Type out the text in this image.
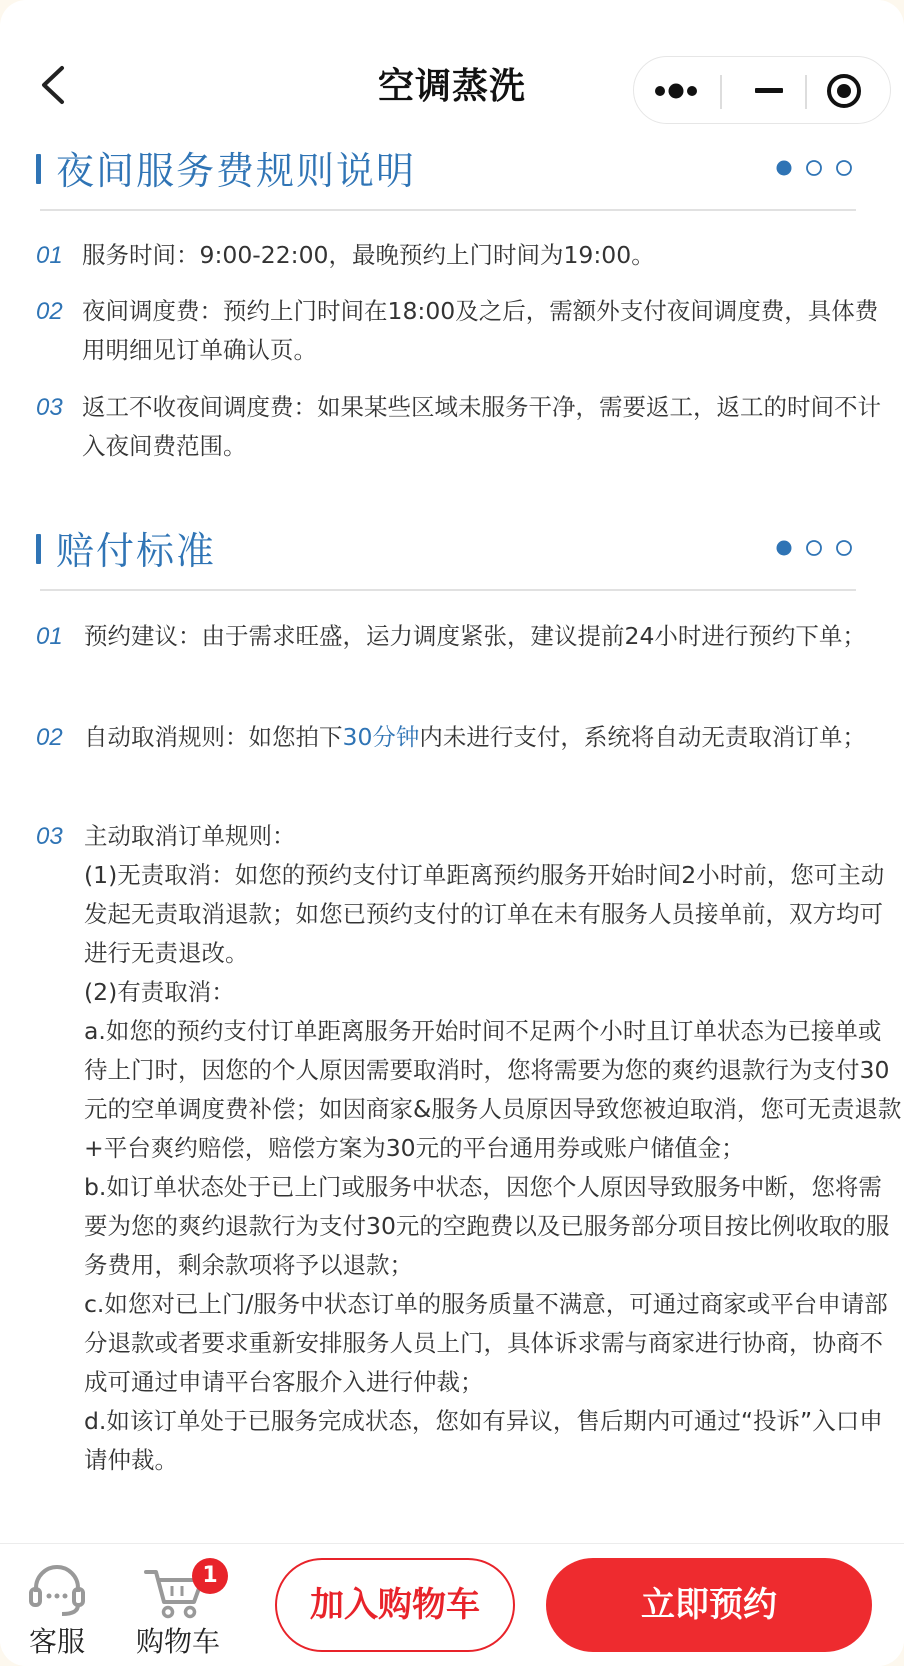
空调蒸洗
夜间服务费规则说明
01 服务时间：9:00-22:00，最晚预约上门时间为19:00。
02 夜间调度费：预约上门时间在18:00及之后，需额外支付夜间调度费，具体费用明细见订单确认页。
03 返工不收夜间调度费：如果某些区域未服务干净，需要返工，返工的时间不计入夜间费范围。
赔付标准
01 预约建议：由于需求旺盛，运力调度紧张，建议提前24小时进行预约下单；
02 自动取消规则：如您拍下30分钟内未进行支付，系统将自动无责取消订单；
03 主动取消订单规则：
(1)无责取消：如您的预约支付订单距离预约服务开始时间2小时前，您可主动发起无责取消退款；如您已预约支付的订单在未有服务人员接单前，双方均可进行无责退改。
(2)有责取消：
a.如您的预约支付订单距离服务开始时间不足两个小时且订单状态为已接单或待上门时，因您的个人原因需要取消时，您将需要为您的爽约退款行为支付30元的空单调度费补偿；如因商家&服务人员原因导致您被迫取消，您可无责退款+平台爽约赔偿，赔偿方案为30元的平台通用券或账户储值金；
b.如订单状态处于已上门或服务中状态，因您个人原因导致服务中断，您将需要为您的爽约退款行为支付30元的空跑费以及已服务部分项目按比例收取的服务费用，剩余款项将予以退款；
c.如您对已上门/服务中状态订单的服务质量不满意，可通过商家或平台申请部分退款或者要求重新安排服务人员上门，具体诉求需与商家进行协商，协商不成可通过申请平台客服介入进行仲裁；
d.如该订单处于已服务完成状态，您如有异议，售后期内可通过“投诉”入口申请仲裁。
客服
1
购物车
加入购物车	立即预约
